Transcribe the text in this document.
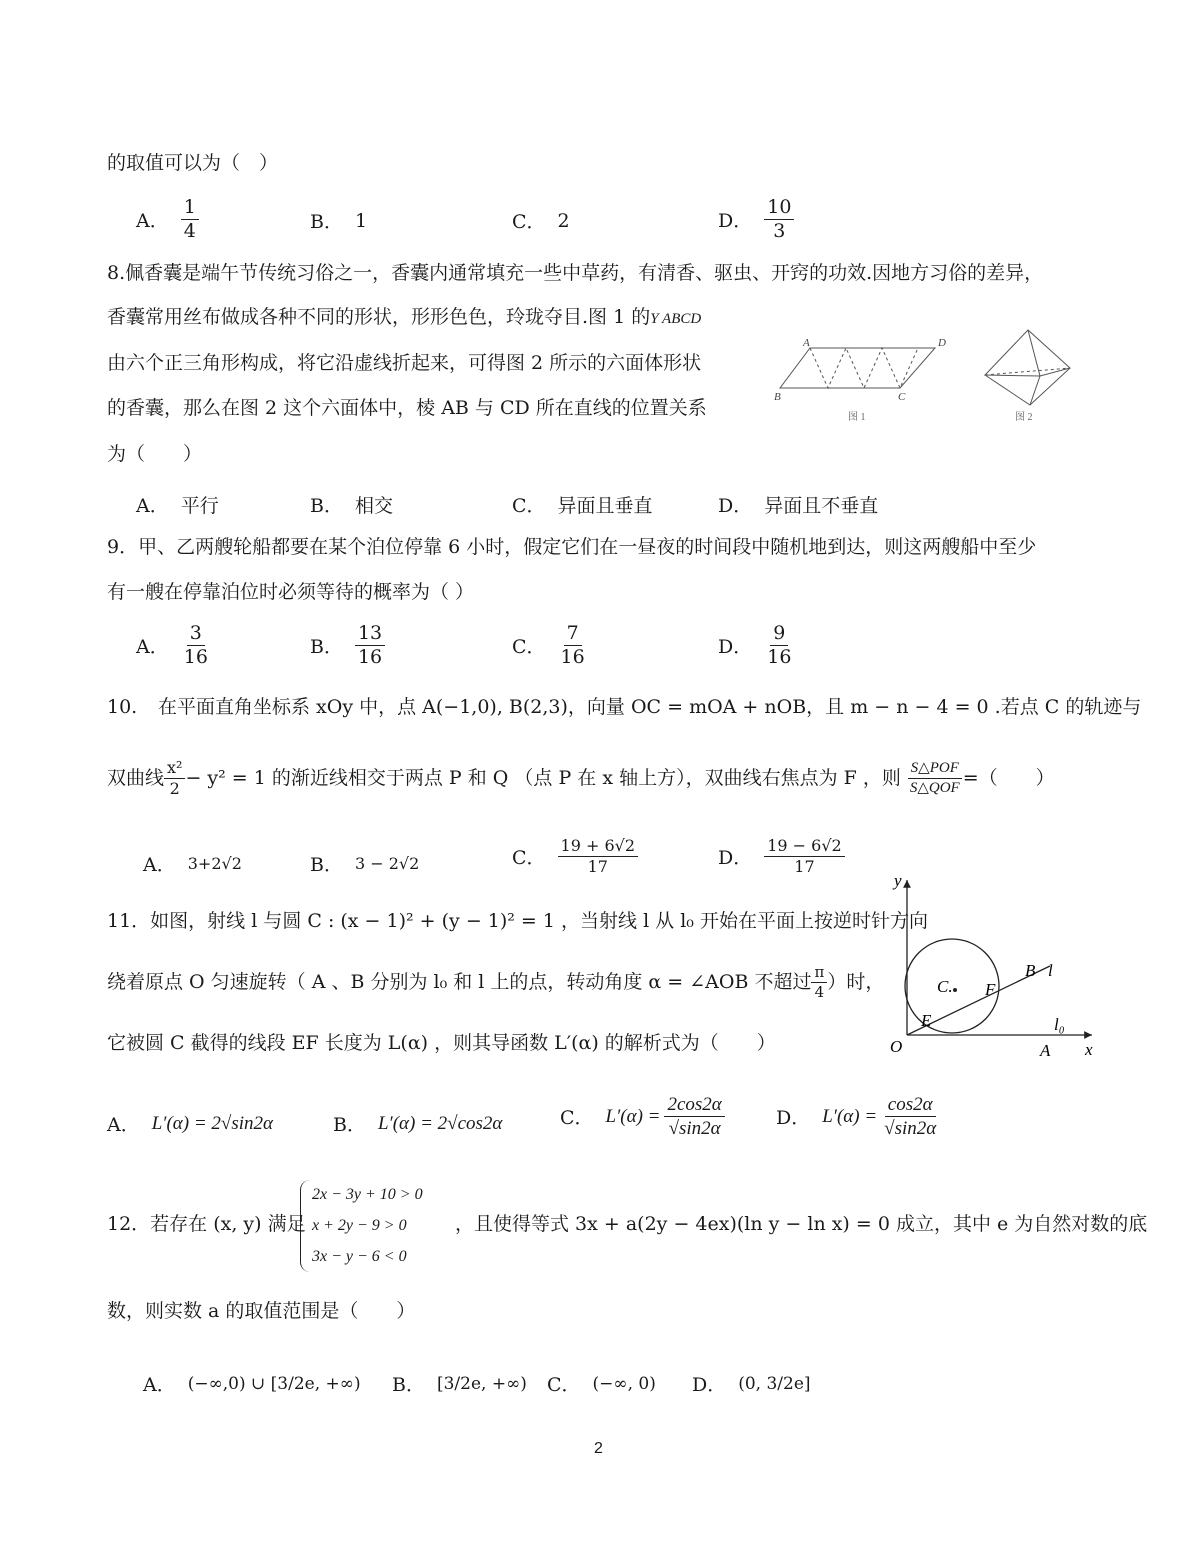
的取值可以为（　）
A． $\frac{1}{4}$	B． 1	C． 2	D． $\frac{10}{3}$
8.佩香囊是端午节传统习俗之一，香囊内通常填充一些中草药，有清香、驱虫、开窍的功效.因地方习俗的差异，
香囊常用丝布做成各种不同的形状，形形色色，玲珑夺目.图 1 的Y ABCD
由六个正三角形构成，将它沿虚线折起来，可得图 2 所示的六面体形状
的香囊，那么在图 2 这个六面体中，棱 AB 与 CD 所在直线的位置关系
为（　　）
A	D
B	C
图 1	图 2
A． 平行	B． 相交	C． 异面且垂直	D． 异面且不垂直
9．甲、乙两艘轮船都要在某个泊位停靠 6 小时，假定它们在一昼夜的时间段中随机地到达，则这两艘船中至少
有一艘在停靠泊位时必须等待的概率为（ ）
A． $\frac{3}{16}$	B． $\frac{13}{16}$	C． $\frac{7}{16}$	D． $\frac{9}{16}$
10. 在平面直角坐标系 xOy 中，点 A(−1,0), B(2,3)，向量 OC = mOA + nOB，且 m − n − 4 = 0 .若点 C 的轨迹与
双曲线 $\frac{\text{x²}}{2} - y^2 = 1$ 的渐近线相交于两点 P 和 Q （点 P 在 x 轴上方），双曲线右焦点为 F ，则 $\frac{\text{S△POF}}{\text{S△QOF}}$ =（　　）
A． 3+2√2	B． 3 − 2√2	C． $\frac{19 + 6√2}{17}$	D． $\frac{19 - 6√2}{17}$
11．如图，射线 l 与圆 C : (x − 1)² + (y − 1)² = 1 ，当射线 l 从 l₀ 开始在平面上按逆时针方向
绕着原点 O 匀速旋转（ A 、B 分别为 l₀ 和 l 上的点，转动角度 α = ∠AOB 不超过 $\frac{\pi}{4}$ ）时，
它被圆 C 截得的线段 EF 长度为 L(α) ，则其导函数 L′(α) 的解析式为（　　）
y
x
O	A
B l
l₀
C.
E
F
A． L′(α) = 2√sin2α	B． L′(α) = 2√cos2α	C． $L'(\alpha) = \frac{2\cos 2\alpha}{√\sin 2\alpha}$	D． $L'(\alpha) = \frac{\cos 2\alpha}{√\sin 2\alpha}$
12．若存在 (x, y) 满足
2x − 3y + 10 > 0
x + 2y − 9 > 0
3x − y − 6 < 0
，且使得等式 3x + a(2y − 4ex)(ln y − ln x) = 0 成立，其中 e 为自然对数的底
数，则实数 a 的取值范围是（　　）
A． (−∞,0) ∪ [3/2e, +∞) B． [3/2e, +∞) C． (−∞, 0) D． (0, 3/2e]
2
